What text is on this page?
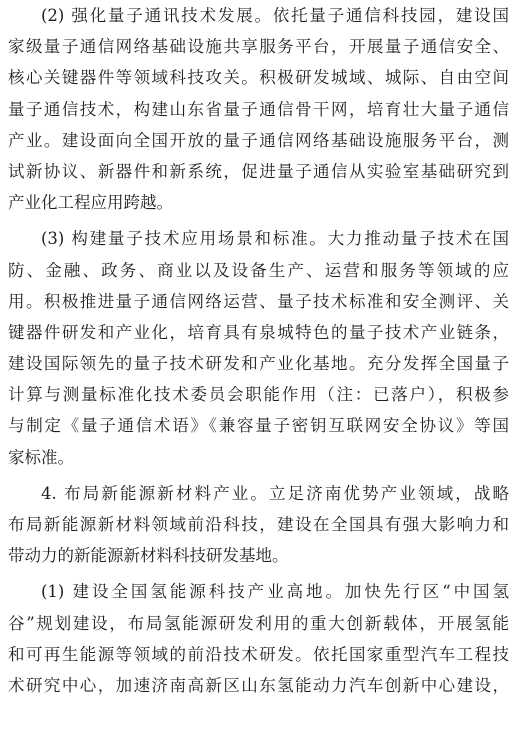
(2) 强化量子通讯技术发展。依托量子通信科技园，建设国
家级量子通信网络基础设施共享服务平台，开展量子通信安全、
核心关键器件等领域科技攻关。积极研发城域、城际、自由空间
量子通信技术，构建山东省量子通信骨干网，培育壮大量子通信
产业。建设面向全国开放的量子通信网络基础设施服务平台，测
试新协议、新器件和新系统，促进量子通信从实验室基础研究到
产业化工程应用跨越。
(3) 构建量子技术应用场景和标准。大力推动量子技术在国
防、金融、政务、商业以及设备生产、运营和服务等领域的应
用。积极推进量子通信网络运营、量子技术标准和安全测评、关
键器件研发和产业化，培育具有泉城特色的量子技术产业链条，
建设国际领先的量子技术研发和产业化基地。充分发挥全国量子
计算与测量标准化技术委员会职能作用（注：已落户），积极参
与制定《量子通信术语》《兼容量子密钥互联网安全协议》等国
家标准。
4. 布局新能源新材料产业。立足济南优势产业领域，战略
布局新能源新材料领域前沿科技，建设在全国具有强大影响力和
带动力的新能源新材料科技研发基地。
(1) 建设全国氢能源科技产业高地。加快先行区“中国氢
谷”规划建设，布局氢能源研发利用的重大创新载体，开展氢能
和可再生能源等领域的前沿技术研发。依托国家重型汽车工程技
术研究中心，加速济南高新区山东氢能动力汽车创新中心建设，
